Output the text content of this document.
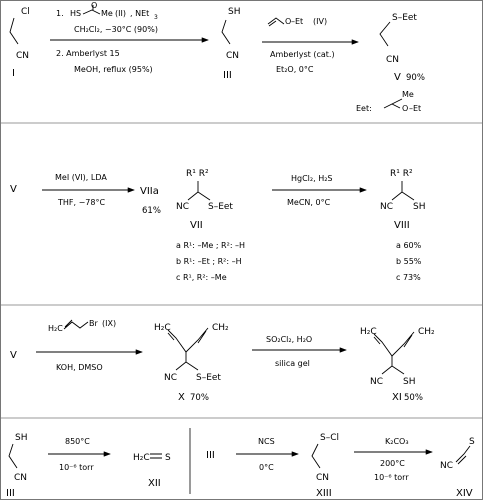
Cl
CN
I
1. HS
O
Me (II) , NEt 3
CH₂Cl₂, −30°C (90%)
2. Amberlyst 15
MeOH, reflux (95%)
SH
CN
III
O –Et (IV)
Amberlyst (cat.)
Et₂O, 0°C
S–Eet
CN
V 90%
Eet:
Me
O –Et
V
MeI (VI), LDA
THF, −78°C
VIIa
61%
R¹ R²
NC S–Eet
VII
a R¹: –Me ; R²: –H
b R¹: –Et ; R²: –H
c R¹, R²: –Me
HgCl₂, H₂S
MeCN, 0°C
R¹ R²
NC SH
VIII
a 60%
b 55%
c 73%
V
H₂C
Br (IX)
KOH, DMSO
H₂C	CH₂
NC S–Eet
X 70%
SO₂Cl₂, H₂O
silica gel
H₂C	CH₂
NC SH
XI 50%
SH
CN
III
850°C
10⁻⁶ torr
H₂C S
XII
III
NCS
0°C
S–Cl
CN
XIII
K₂CO₃
200°C
10⁻⁶ torr
NC
S
XIV
